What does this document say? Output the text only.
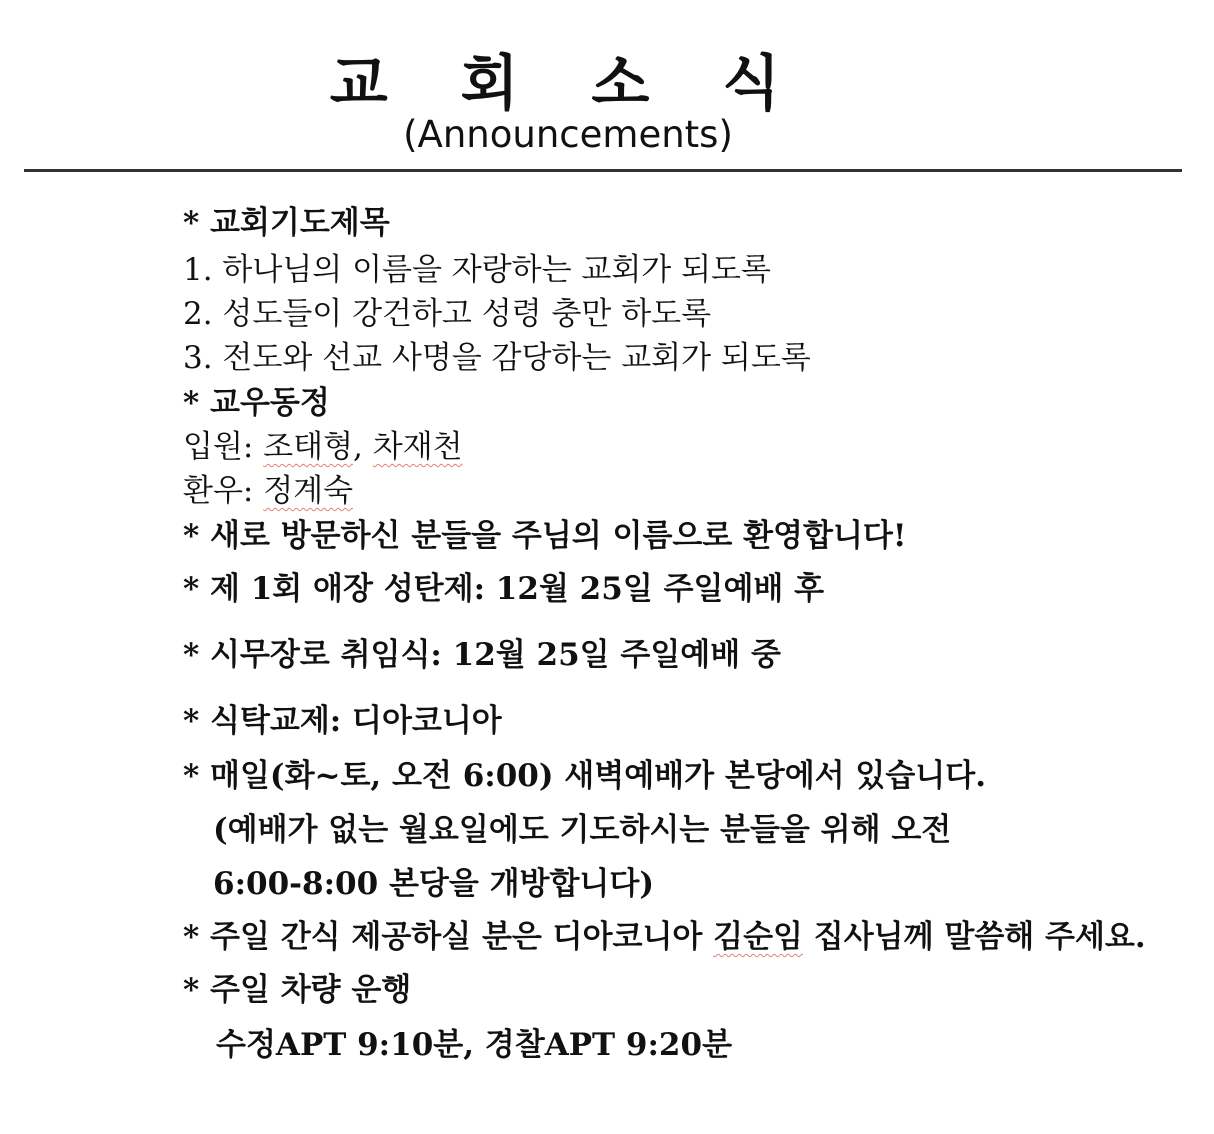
교 회 소 식
(Announcements)
* 교회기도제목
1. 하나님의 이름을 자랑하는 교회가 되도록
2. 성도들이 강건하고 성령 충만 하도록
3. 전도와 선교 사명을 감당하는 교회가 되도록
* 교우동정
입원: 조태형, 차재천
환우: 정계숙
* 새로 방문하신 분들을 주님의 이름으로 환영합니다!
* 제 1회 애장 성탄제: 12월 25일 주일예배 후
* 시무장로 취임식: 12월 25일 주일예배 중
* 식탁교제: 디아코니아
* 매일(화~토, 오전 6:00) 새벽예배가 본당에서 있습니다.
(예배가 없는 월요일에도 기도하시는 분들을 위해 오전
6:00-8:00 본당을 개방합니다)
* 주일 간식 제공하실 분은 디아코니아 김순임 집사님께 말씀해 주세요.
* 주일 차량 운행
수정APT 9:10분, 경찰APT 9:20분
